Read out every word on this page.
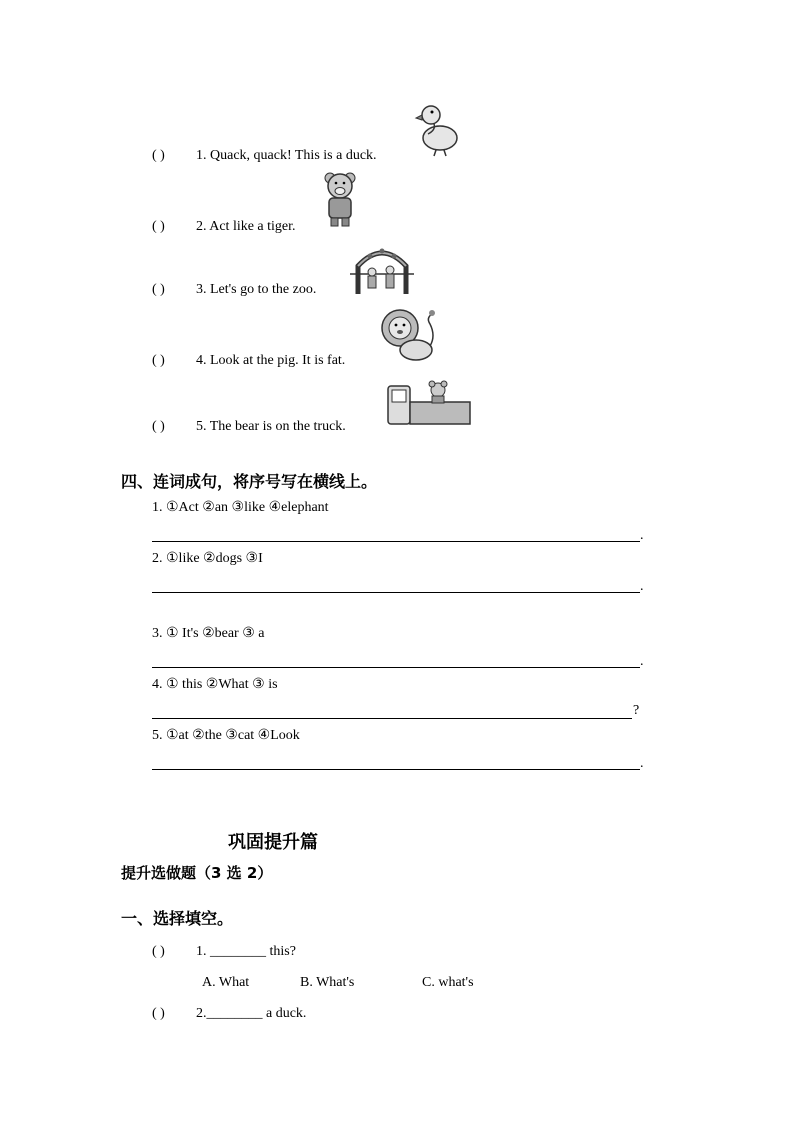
( ) 1. Quack, quack! This is a duck.
( ) 2. Act like a tiger.
( ) 3. Let's go to the zoo.
( ) 4. Look at the pig. It is fat.
( ) 5. The bear is on the truck.
四、连词成句，将序号写在横线上。
1. ①Act ②an ③like ④elephant
.
2. ①like ②dogs ③I
.
3. ① It's ②bear ③ a
.
4. ① this ②What ③ is
?
5. ①at ②the ③cat ④Look
.
巩固提升篇
提升选做题（3 选 2）
一、选择填空。
( ) 1. ________ this?
A. What	B. What's	C. what's
( ) 2.________ a duck.
